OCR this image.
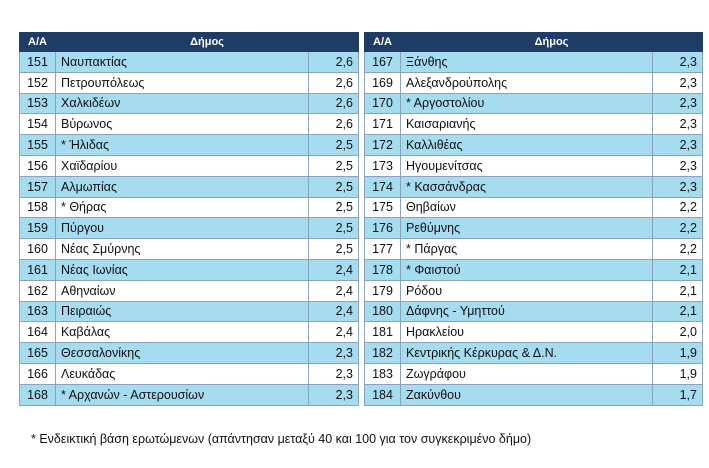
Α/Α	Δήμος	
151	Ναυπακτίας	2,6
152	Πετρουπόλεως	2,6
153	Χαλκιδέων	2,6
154	Βύρωνος	2,6
155	* Ήλιδας	2,5
156	Χαϊδαρίου	2,5
157	Αλμωπίας	2,5
158	* Θήρας	2,5
159	Πύργου	2,5
160	Νέας Σμύρνης	2,5
161	Νέας Ιωνίας	2,4
162	Αθηναίων	2,4
163	Πειραιώς	2,4
164	Καβάλας	2,4
165	Θεσσαλονίκης	2,3
166	Λευκάδας	2,3
168	* Αρχανών - Αστερουσίων	2,3
Α/Α	Δήμος	
167	Ξάνθης	2,3
169	Αλεξανδρούπολης	2,3
170	* Αργοστολίου	2,3
171	Καισαριανής	2,3
172	Καλλιθέας	2,3
173	Ηγουμενίτσας	2,3
174	* Κασσάνδρας	2,3
175	Θηβαίων	2,2
176	Ρεθύμνης	2,2
177	* Πάργας	2,2
178	* Φαιστού	2,1
179	Ρόδου	2,1
180	Δάφνης - Υμηττού	2,1
181	Ηρακλείου	2,0
182	Κεντρικής Κέρκυρας & Δ.Ν.	1,9
183	Ζωγράφου	1,9
184	Ζακύνθου	1,7
* Ενδεικτική βάση ερωτώμενων (απάντησαν μεταξύ 40 και 100 για τον συγκεκριμένο δήμο)
